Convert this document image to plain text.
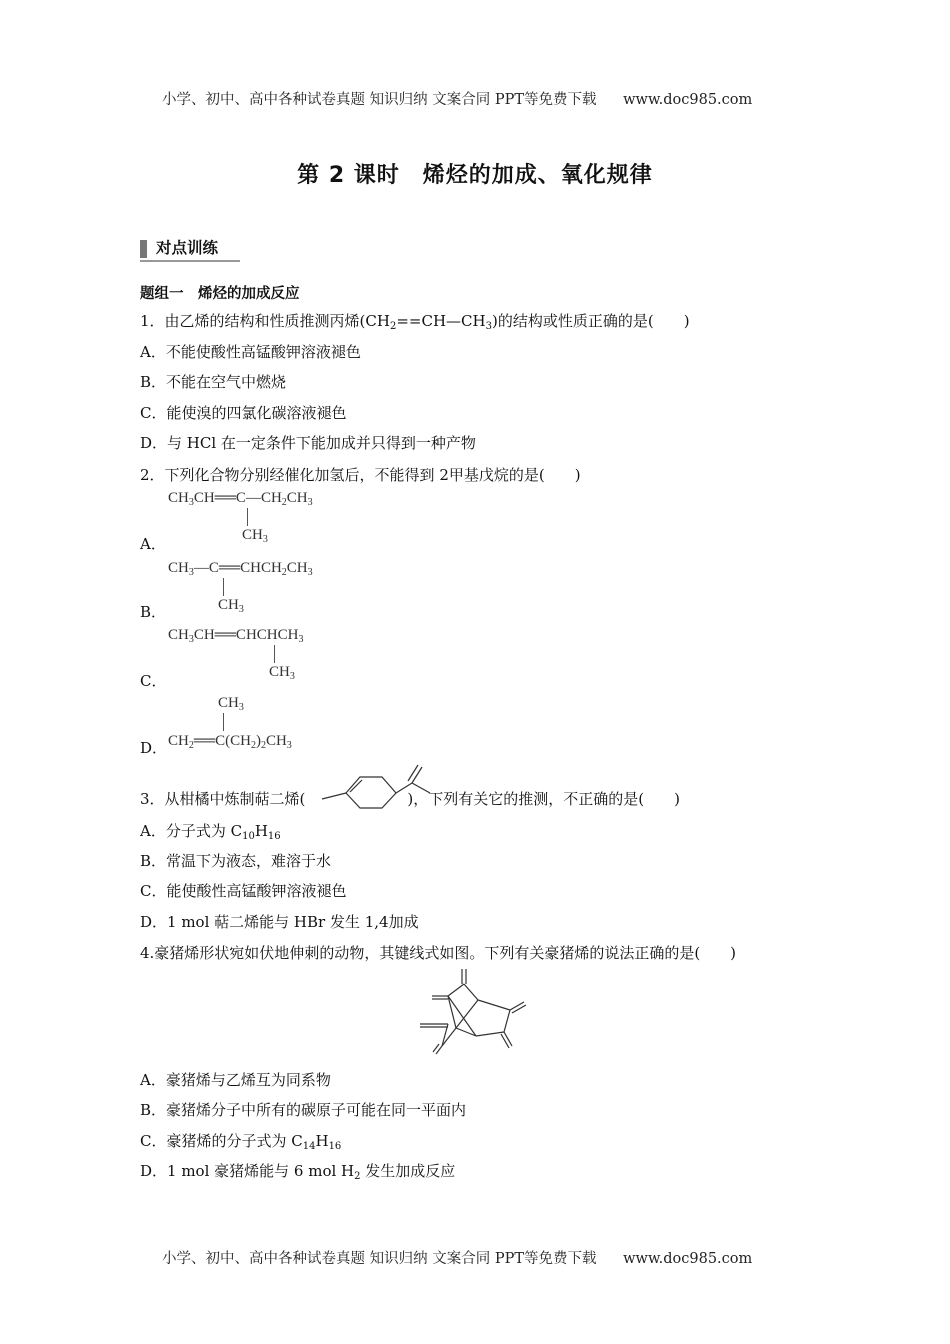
小学、初中、高中各种试卷真题 知识归纳 文案合同 PPT等免费下载 www.doc985.com
第 2 课时　烯烃的加成、氧化规律
对点训练
题组一　烯烃的加成反应
1．由乙烯的结构和性质推测丙烯$(CH_2==CH—CH_3)$的结构或性质正确的是(　　)
A．不能使酸性高锰酸钾溶液褪色
B．不能在空气中燃烧
C．能使溴的四氯化碳溶液褪色
D．与 HCl 在一定条件下能加成并只得到一种产物
2．下列化合物分别经催化加氢后，不能得到 2甲基戊烷的是(　　)
A．
$CH_3CH══C—CH_2CH_3$
$CH_3$
B．
$CH_3—C══CHCH_2CH_3$
$CH_3$
C．
$CH_3CH══CHCHCH_3$
$CH_3$
D．
$CH_3$
$CH_2══C(CH_2)_2CH_3$
3．从柑橘中炼制萜二烯(	)，下列有关它的推测，不正确的是(　　)
A．分子式为 $C_{10}H_{16}$
B．常温下为液态，难溶于水
C．能使酸性高锰酸钾溶液褪色
D．1 mol 萜二烯能与 HBr 发生 1,4加成
4.豪猪烯形状宛如伏地伸刺的动物，其键线式如图。下列有关豪猪烯的说法正确的是(　　)
A．豪猪烯与乙烯互为同系物
B．豪猪烯分子中所有的碳原子可能在同一平面内
C．豪猪烯的分子式为 $C_{14}H_{16}$
D．1 mol 豪猪烯能与 6 mol $H_2$ 发生加成反应
小学、初中、高中各种试卷真题 知识归纳 文案合同 PPT等免费下载 www.doc985.com
